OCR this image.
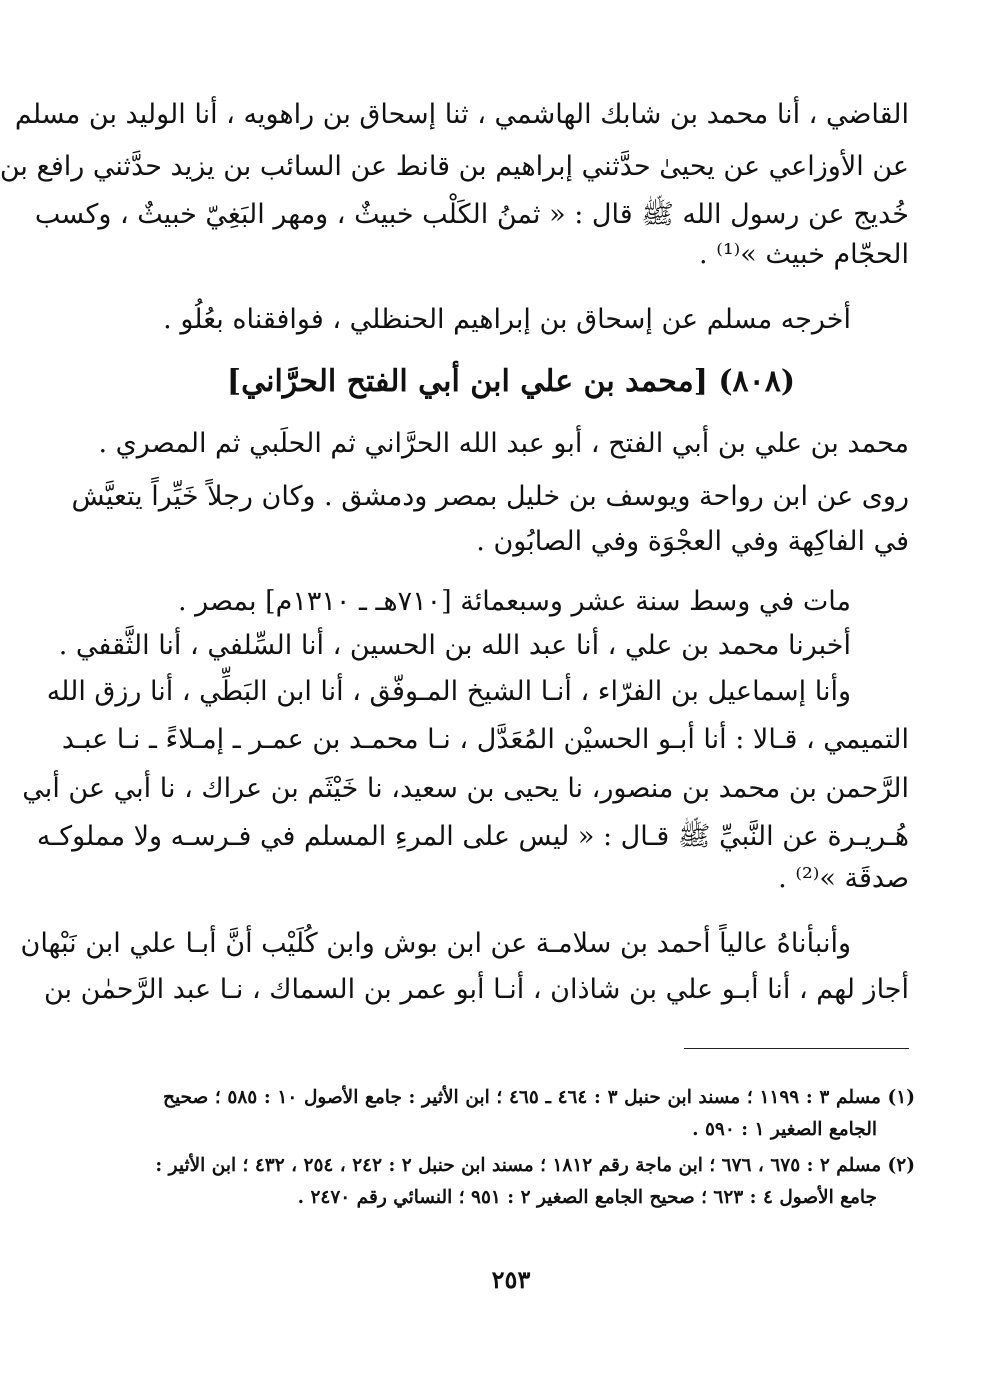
القاضي ، أنا محمد بن شابك الهاشمي ، ثنا إسحاق بن راهويه ، أنا الوليد بن مسلم
عن الأوزاعي عن يحيىٰ حدَّثني إبراهيم بن قانط عن السائب بن يزيد حدَّثني رافع بن
خُديج عن رسول الله ﷺ قال : « ثمنُ الكَلْب خبيثٌ ، ومهر البَغِيّ خبيثٌ ، وكسب
الحجّام خبيث »⁽¹⁾ .
أخرجه مسلم عن إسحاق بن إبراهيم الحنظلي ، فوافقناه بعُلُو .
(٨٠٨) [محمد بن علي ابن أبي الفتح الحرَّاني]
محمد بن علي بن أبي الفتح ، أبو عبد الله الحرَّاني ثم الحلَبي ثم المصري .
روى عن ابن رواحة ويوسف بن خليل بمصر ودمشق . وكان رجلاً خَيِّراً يتعيَّش
في الفاكِهة وفي العجْوَة وفي الصابُون .
مات في وسط سنة عشر وسبعمائة [٧١٠هـ ـ ١٣١٠م] بمصر .
أخبرنا محمد بن علي ، أنا عبد الله بن الحسين ، أنا السِّلفي ، أنا الثَّقفي .
وأنا إسماعيل بن الفرّاء ، أنـا الشيخ المـوفّق ، أنا ابن البَطِّي ، أنا رزق الله
التميمي ، قـالا : أنا أبـو الحسيْن المُعَدَّل ، نـا محمـد بن عمـر ـ إمـلاءً ـ نـا عبـد
الرَّحمن بن محمد بن منصور، نا يحيى بن سعيد، نا خَيْثَم بن عراك ، نا أبي عن أبي
هُـريـرة عن النَّبيِّ ﷺ قـال : « ليس على المرءِ المسلم في فـرسـه ولا مملوكـه
صدقَة »⁽²⁾ .
وأنبأناهُ عالياً أحمد بن سلامـة عن ابن بوش وابن كُلَيْب أنَّ أبـا علي ابن نَبْهان
أجاز لهم ، أنا أبـو علي بن شاذان ، أنـا أبو عمر بن السماك ، نـا عبد الرَّحمٰن بن
(١) مسلم ٣ : ١١٩٩ ؛ مسند ابن حنبل ٣ : ٤٦٤ ـ ٤٦٥ ؛ ابن الأثير : جامع الأصول ١٠ : ٥٨٥ ؛ صحيح
الجامع الصغير ١ : ٥٩٠ .
(٢) مسلم ٢ : ٦٧٥ ، ٦٧٦ ؛ ابن ماجة رقم ١٨١٢ ؛ مسند ابن حنبل ٢ : ٢٤٢ ، ٢٥٤ ، ٤٣٢ ؛ ابن الأثير :
جامع الأصول ٤ : ٦٢٣ ؛ صحيح الجامع الصغير ٢ : ٩٥١ ؛ النسائي رقم ٢٤٧٠ .
٢٥٣
